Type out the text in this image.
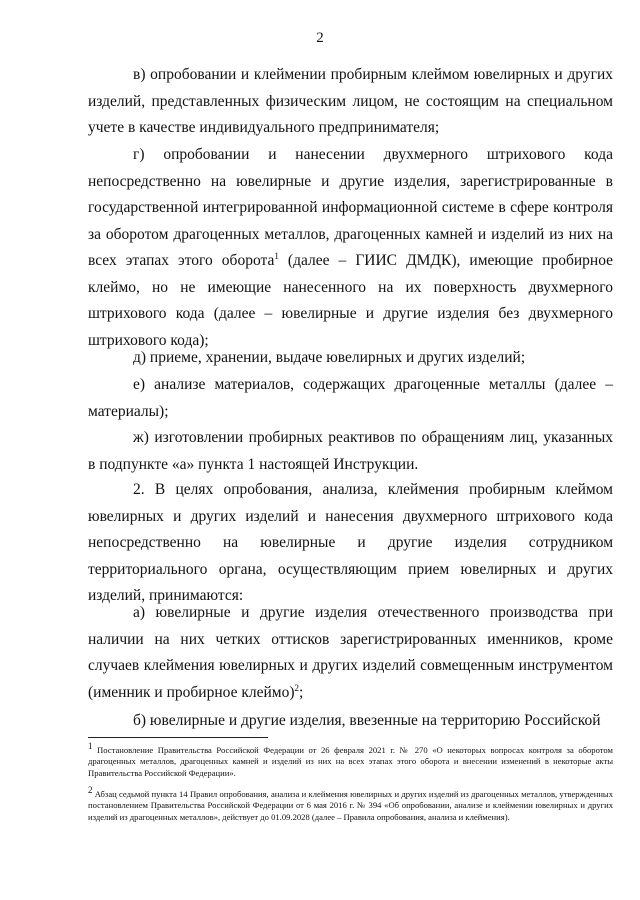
2

в) опробовании и клеймении пробирным клеймом ювелирных и других изделий, представленных физическим лицом, не состоящим на специальном учете в качестве индивидуального предпринимателя;

г) опробовании и нанесении двухмерного штрихового кода непосредственно на ювелирные и другие изделия, зарегистрированные в государственной интегрированной информационной системе в сфере контроля за оборотом драгоценных металлов, драгоценных камней и изделий из них на всех этапах этого оборота$^1$ (далее – ГИИС ДМДК), имеющие пробирное клеймо, но не имеющие нанесенного на их поверхность двухмерного штрихового кода (далее – ювелирные и другие изделия без двухмерного штрихового кода);

д) приеме, хранении, выдаче ювелирных и других изделий;

е) анализе материалов, содержащих драгоценные металлы (далее – материалы);

ж) изготовлении пробирных реактивов по обращениям лиц, указанных в подпункте «а» пункта 1 настоящей Инструкции.

2. В целях опробования, анализа, клеймения пробирным клеймом ювелирных и других изделий и нанесения двухмерного штрихового кода непосредственно на ювелирные и другие изделия сотрудником территориального органа, осуществляющим прием ювелирных и других изделий, принимаются:

а) ювелирные и другие изделия отечественного производства при наличии на них четких оттисков зарегистрированных именников, кроме случаев клеймения ювелирных и других изделий совмещенным инструментом (именник и пробирное клеймо)$^2$;

б) ювелирные и другие изделия, ввезенные на территорию Российской

$^1$ Постановление Правительства Российской Федерации от 26 февраля 2021 г. № 270 «О некоторых вопросах контроля за оборотом драгоценных металлов, драгоценных камней и изделий из них на всех этапах этого оборота и внесении изменений в некоторые акты Правительства Российской Федерации».

$^2$ Абзац седьмой пункта 14 Правил опробования, анализа и клеймения ювелирных и других изделий из драгоценных металлов, утвержденных постановлением Правительства Российской Федерации от 6 мая 2016 г. № 394 «Об опробовании, анализе и клеймении ювелирных и других изделий из драгоценных металлов», действует до 01.09.2028 (далее – Правила опробования, анализа и клеймения).
